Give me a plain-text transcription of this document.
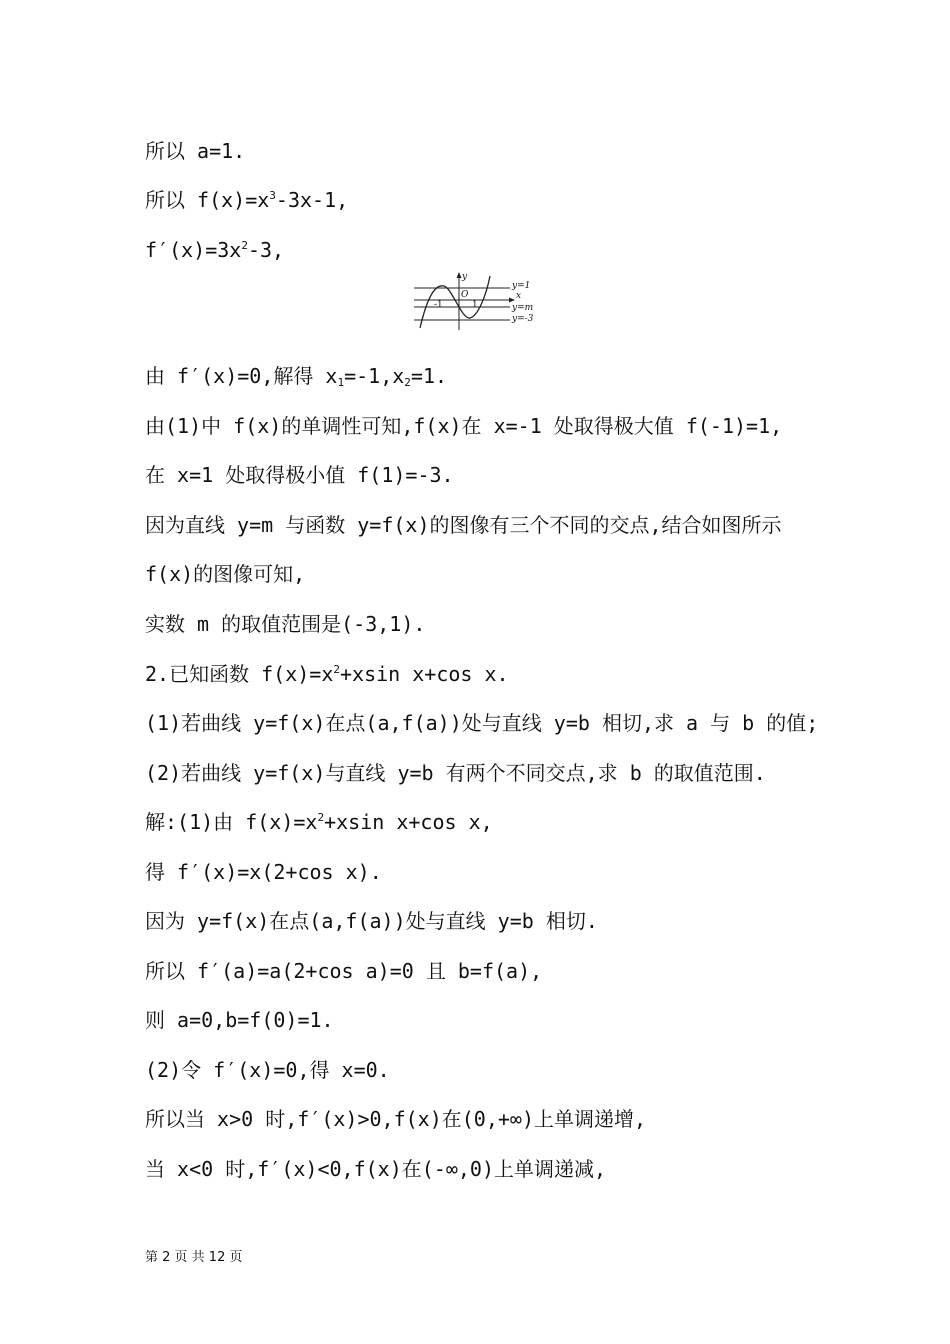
所以 a=1.
所以 $f(x)=x^3-3x-1$,
$f'(x)=3x^2-3$,
y
x
O
-1	1
y=1
y=m
y=-3
由 f′(x)=0,解得 $x_1=-1,x_2=1$.
由(1)中 f(x)的单调性可知,f(x)在 x=-1 处取得极大值 f(-1)=1,
在 x=1 处取得极小值 f(1)=-3.
因为直线 y=m 与函数 y=f(x)的图像有三个不同的交点,结合如图所示
f(x)的图像可知,
实数 m 的取值范围是(-3,1).
2.已知函数 $f(x)=x^2+xsin$ x+cos x.
(1)若曲线 y=f(x)在点(a,f(a))处与直线 y=b 相切,求 a 与 b 的值;
(2)若曲线 y=f(x)与直线 y=b 有两个不同交点,求 b 的取值范围.
解:(1)由 $f(x)=x^2+xsin$ x+cos x,
得 f′(x)=x(2+cos x).
因为 y=f(x)在点(a,f(a))处与直线 y=b 相切.
所以 f′(a)=a(2+cos a)=0 且 b=f(a),
则 a=0,b=f(0)=1.
(2)令 f′(x)=0,得 x=0.
所以当 x>0 时,f′(x)>0,f(x)在(0,+∞)上单调递增,
当 x<0 时,f′(x)<0,f(x)在(-∞,0)上单调递减,
第 2 页 共 12 页
